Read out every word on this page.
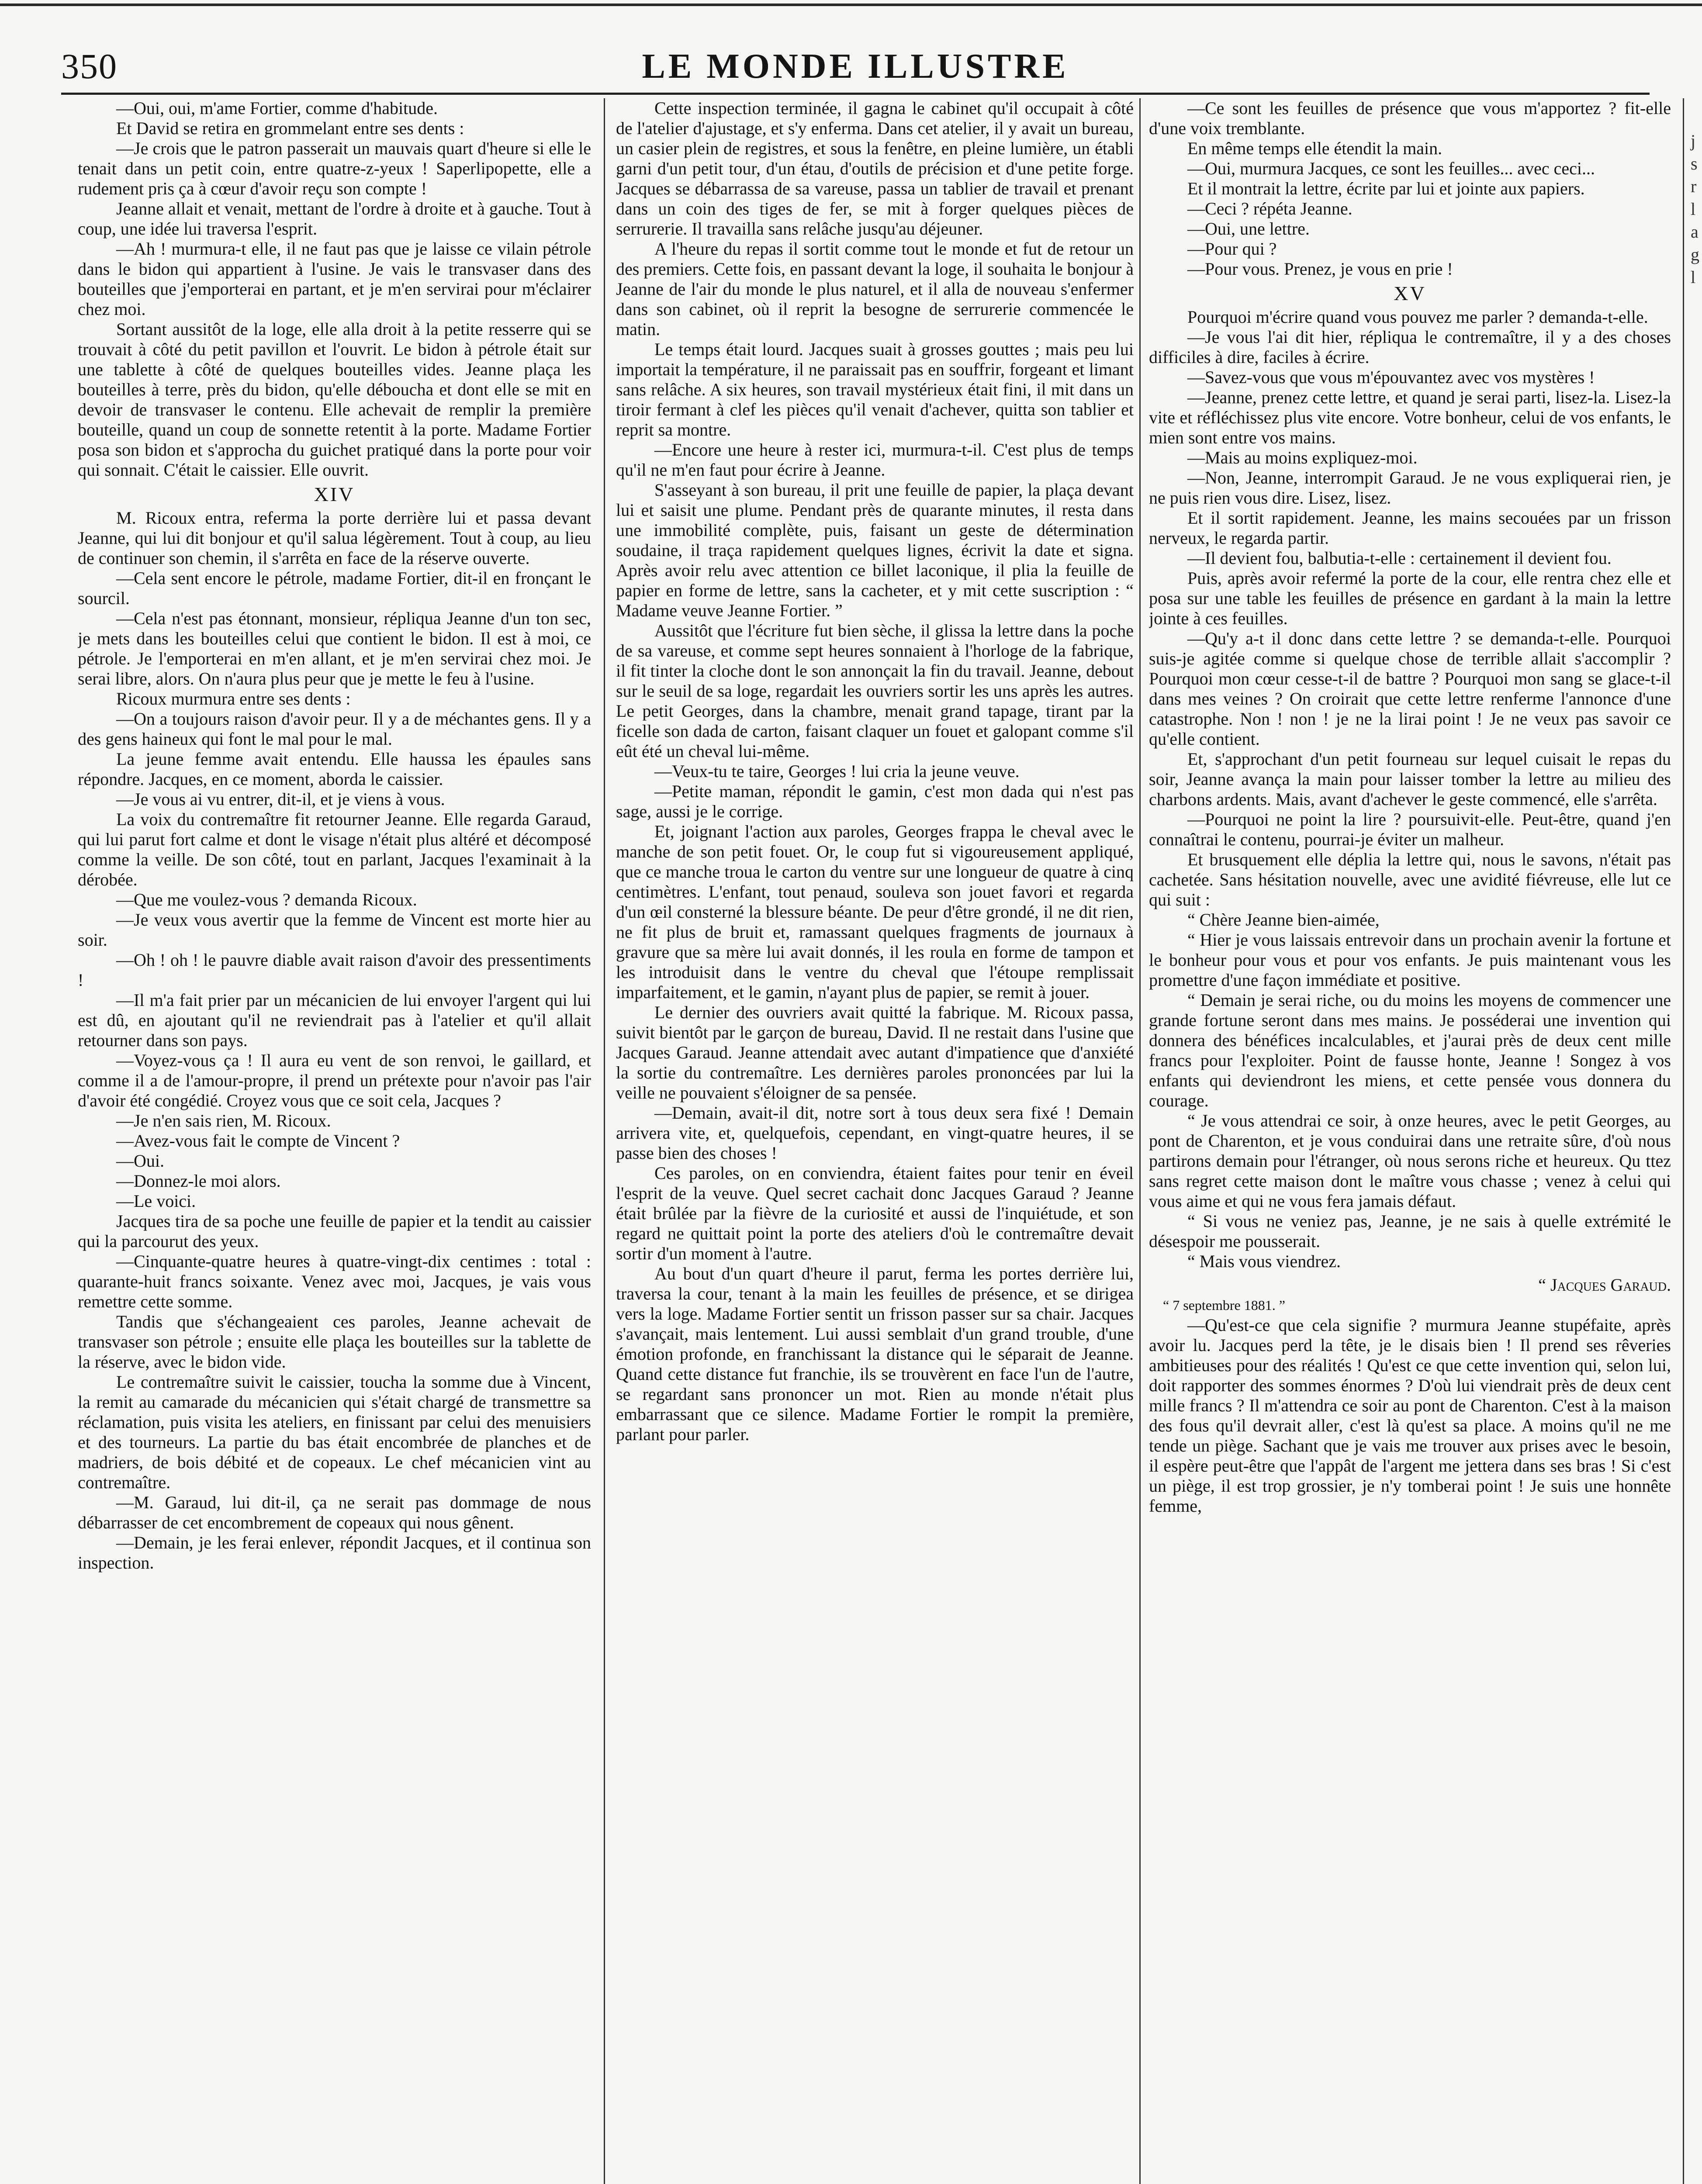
350	LE MONDE ILLUSTRE

—Oui, oui, m'ame Fortier, comme d'habitude.

Et David se retira en grommelant entre ses dents :

—Je crois que le patron passerait un mauvais quart d'heure si elle le tenait dans un petit coin, entre quatre-z-yeux ! Saperlipopette, elle a rudement pris ça à cœur d'avoir reçu son compte !

Jeanne allait et venait, mettant de l'ordre à droite et à gauche. Tout à coup, une idée lui traversa l'esprit.

—Ah ! murmura-t elle, il ne faut pas que je laisse ce vilain pétrole dans le bidon qui appartient à l'usine. Je vais le transvaser dans des bouteilles que j'emporterai en partant, et je m'en servirai pour m'éclairer chez moi.

Sortant aussitôt de la loge, elle alla droit à la petite resserre qui se trouvait à côté du petit pavillon et l'ouvrit. Le bidon à pétrole était sur une tablette à côté de quelques bouteilles vides. Jeanne plaça les bouteilles à terre, près du bidon, qu'elle déboucha et dont elle se mit en devoir de transvaser le contenu. Elle achevait de remplir la première bouteille, quand un coup de sonnette retentit à la porte. Madame Fortier posa son bidon et s'approcha du guichet pratiqué dans la porte pour voir qui sonnait. C'était le caissier. Elle ouvrit.

XIV

M. Ricoux entra, referma la porte derrière lui et passa devant Jeanne, qui lui dit bonjour et qu'il salua légèrement. Tout à coup, au lieu de continuer son chemin, il s'arrêta en face de la réserve ouverte.

—Cela sent encore le pétrole, madame Fortier, dit-il en fronçant le sourcil.

—Cela n'est pas étonnant, monsieur, répliqua Jeanne d'un ton sec, je mets dans les bouteilles celui que contient le bidon. Il est à moi, ce pétrole. Je l'emporterai en m'en allant, et je m'en servirai chez moi. Je serai libre, alors. On n'aura plus peur que je mette le feu à l'usine.

Ricoux murmura entre ses dents :

—On a toujours raison d'avoir peur. Il y a de méchantes gens. Il y a des gens haineux qui font le mal pour le mal.

La jeune femme avait entendu. Elle haussa les épaules sans répondre. Jacques, en ce moment, aborda le caissier.

—Je vous ai vu entrer, dit-il, et je viens à vous.

La voix du contremaître fit retourner Jeanne. Elle regarda Garaud, qui lui parut fort calme et dont le visage n'était plus altéré et décomposé comme la veille. De son côté, tout en parlant, Jacques l'examinait à la dérobée.

—Que me voulez-vous ? demanda Ricoux.

—Je veux vous avertir que la femme de Vincent est morte hier au soir.

—Oh ! oh ! le pauvre diable avait raison d'avoir des pressentiments !

—Il m'a fait prier par un mécanicien de lui envoyer l'argent qui lui est dû, en ajoutant qu'il ne reviendrait pas à l'atelier et qu'il allait retourner dans son pays.

—Voyez-vous ça ! Il aura eu vent de son renvoi, le gaillard, et comme il a de l'amour-propre, il prend un prétexte pour n'avoir pas l'air d'avoir été congédié. Croyez vous que ce soit cela, Jacques ?

—Je n'en sais rien, M. Ricoux.

—Avez-vous fait le compte de Vincent ?

—Oui.

—Donnez-le moi alors.

—Le voici.

Jacques tira de sa poche une feuille de papier et la tendit au caissier qui la parcourut des yeux.

—Cinquante-quatre heures à quatre-vingt-dix centimes : total : quarante-huit francs soixante. Venez avec moi, Jacques, je vais vous remettre cette somme.

Tandis que s'échangeaient ces paroles, Jeanne achevait de transvaser son pétrole ; ensuite elle plaça les bouteilles sur la tablette de la réserve, avec le bidon vide.

Le contremaître suivit le caissier, toucha la somme due à Vincent, la remit au camarade du mécanicien qui s'était chargé de transmettre sa réclamation, puis visita les ateliers, en finissant par celui des menuisiers et des tourneurs. La partie du bas était encombrée de planches et de madriers, de bois débité et de copeaux. Le chef mécanicien vint au contremaître.

—M. Garaud, lui dit-il, ça ne serait pas dommage de nous débarrasser de cet encombrement de copeaux qui nous gênent.

—Demain, je les ferai enlever, répondit Jacques, et il continua son inspection.

Cette inspection terminée, il gagna le cabinet qu'il occupait à côté de l'atelier d'ajustage, et s'y enferma. Dans cet atelier, il y avait un bureau, un casier plein de registres, et sous la fenêtre, en pleine lumière, un établi garni d'un petit tour, d'un étau, d'outils de précision et d'une petite forge. Jacques se débarrassa de sa vareuse, passa un tablier de travail et prenant dans un coin des tiges de fer, se mit à forger quelques pièces de serrurerie. Il travailla sans relâche jusqu'au déjeuner.

A l'heure du repas il sortit comme tout le monde et fut de retour un des premiers. Cette fois, en passant devant la loge, il souhaita le bonjour à Jeanne de l'air du monde le plus naturel, et il alla de nouveau s'enfermer dans son cabinet, où il reprit la besogne de serrurerie commencée le matin.

Le temps était lourd. Jacques suait à grosses gouttes ; mais peu lui importait la température, il ne paraissait pas en souffrir, forgeant et limant sans relâche. A six heures, son travail mystérieux était fini, il mit dans un tiroir fermant à clef les pièces qu'il venait d'achever, quitta son tablier et reprit sa montre.

—Encore une heure à rester ici, murmura-t-il. C'est plus de temps qu'il ne m'en faut pour écrire à Jeanne.

S'asseyant à son bureau, il prit une feuille de papier, la plaça devant lui et saisit une plume. Pendant près de quarante minutes, il resta dans une immobilité complète, puis, faisant un geste de détermination soudaine, il traça rapidement quelques lignes, écrivit la date et signa. Après avoir relu avec attention ce billet laconique, il plia la feuille de papier en forme de lettre, sans la cacheter, et y mit cette suscription : “ Madame veuve Jeanne Fortier. ”

Aussitôt que l'écriture fut bien sèche, il glissa la lettre dans la poche de sa vareuse, et comme sept heures sonnaient à l'horloge de la fabrique, il fit tinter la cloche dont le son annonçait la fin du travail. Jeanne, debout sur le seuil de sa loge, regardait les ouvriers sortir les uns après les autres. Le petit Georges, dans la chambre, menait grand tapage, tirant par la ficelle son dada de carton, faisant claquer un fouet et galopant comme s'il eût été un cheval lui-même.

—Veux-tu te taire, Georges ! lui cria la jeune veuve.

—Petite maman, répondit le gamin, c'est mon dada qui n'est pas sage, aussi je le corrige.

Et, joignant l'action aux paroles, Georges frappa le cheval avec le manche de son petit fouet. Or, le coup fut si vigoureusement appliqué, que ce manche troua le carton du ventre sur une longueur de quatre à cinq centimètres. L'enfant, tout penaud, souleva son jouet favori et regarda d'un œil consterné la blessure béante. De peur d'être grondé, il ne dit rien, ne fit plus de bruit et, ramassant quelques fragments de journaux à gravure que sa mère lui avait donnés, il les roula en forme de tampon et les introduisit dans le ventre du cheval que l'étoupe remplissait imparfaitement, et le gamin, n'ayant plus de papier, se remit à jouer.

Le dernier des ouvriers avait quitté la fabrique. M. Ricoux passa, suivit bientôt par le garçon de bureau, David. Il ne restait dans l'usine que Jacques Garaud. Jeanne attendait avec autant d'impatience que d'anxiété la sortie du contremaître. Les dernières paroles prononcées par lui la veille ne pouvaient s'éloigner de sa pensée.

—Demain, avait-il dit, notre sort à tous deux sera fixé ! Demain arrivera vite, et, quelquefois, cependant, en vingt-quatre heures, il se passe bien des choses !

Ces paroles, on en conviendra, étaient faites pour tenir en éveil l'esprit de la veuve. Quel secret cachait donc Jacques Garaud ? Jeanne était brûlée par la fièvre de la curiosité et aussi de l'inquiétude, et son regard ne quittait point la porte des ateliers d'où le contremaître devait sortir d'un moment à l'autre.

Au bout d'un quart d'heure il parut, ferma les portes derrière lui, traversa la cour, tenant à la main les feuilles de présence, et se dirigea vers la loge. Madame Fortier sentit un frisson passer sur sa chair. Jacques s'avançait, mais lentement. Lui aussi semblait d'un grand trouble, d'une émotion profonde, en franchissant la distance qui le séparait de Jeanne. Quand cette distance fut franchie, ils se trouvèrent en face l'un de l'autre, se regardant sans prononcer un mot. Rien au monde n'était plus embarrassant que ce silence. Madame Fortier le rompit la première, parlant pour parler.

—Ce sont les feuilles de présence que vous m'apportez ? fit-elle d'une voix tremblante.

En même temps elle étendit la main.

—Oui, murmura Jacques, ce sont les feuilles... avec ceci...

Et il montrait la lettre, écrite par lui et jointe aux papiers.

—Ceci ? répéta Jeanne.

—Oui, une lettre.

—Pour qui ?

—Pour vous. Prenez, je vous en prie !

XV

Pourquoi m'écrire quand vous pouvez me parler ? demanda-t-elle.

—Je vous l'ai dit hier, répliqua le contremaître, il y a des choses difficiles à dire, faciles à écrire.

—Savez-vous que vous m'épouvantez avec vos mystères !

—Jeanne, prenez cette lettre, et quand je serai parti, lisez-la. Lisez-la vite et réfléchissez plus vite encore. Votre bonheur, celui de vos enfants, le mien sont entre vos mains.

—Mais au moins expliquez-moi.

—Non, Jeanne, interrompit Garaud. Je ne vous expliquerai rien, je ne puis rien vous dire. Lisez, lisez.

Et il sortit rapidement. Jeanne, les mains secouées par un frisson nerveux, le regarda partir.

—Il devient fou, balbutia-t-elle : certainement il devient fou.

Puis, après avoir refermé la porte de la cour, elle rentra chez elle et posa sur une table les feuilles de présence en gardant à la main la lettre jointe à ces feuilles.

—Qu'y a-t il donc dans cette lettre ? se demanda-t-elle. Pourquoi suis-je agitée comme si quelque chose de terrible allait s'accomplir ? Pourquoi mon cœur cesse-t-il de battre ? Pourquoi mon sang se glace-t-il dans mes veines ? On croirait que cette lettre renferme l'annonce d'une catastrophe. Non ! non ! je ne la lirai point ! Je ne veux pas savoir ce qu'elle contient.

Et, s'approchant d'un petit fourneau sur lequel cuisait le repas du soir, Jeanne avança la main pour laisser tomber la lettre au milieu des charbons ardents. Mais, avant d'achever le geste commencé, elle s'arrêta.

—Pourquoi ne point la lire ? poursuivit-elle. Peut-être, quand j'en connaîtrai le contenu, pourrai-je éviter un malheur.

Et brusquement elle déplia la lettre qui, nous le savons, n'était pas cachetée. Sans hésitation nouvelle, avec une avidité fiévreuse, elle lut ce qui suit :

“ Chère Jeanne bien-aimée,

“ Hier je vous laissais entrevoir dans un prochain avenir la fortune et le bonheur pour vous et pour vos enfants. Je puis maintenant vous les promettre d'une façon immédiate et positive.

“ Demain je serai riche, ou du moins les moyens de commencer une grande fortune seront dans mes mains. Je posséderai une invention qui donnera des bénéfices incalculables, et j'aurai près de deux cent mille francs pour l'exploiter. Point de fausse honte, Jeanne ! Songez à vos enfants qui deviendront les miens, et cette pensée vous donnera du courage.

“ Je vous attendrai ce soir, à onze heures, avec le petit Georges, au pont de Charenton, et je vous conduirai dans une retraite sûre, d'où nous partirons demain pour l'étranger, où nous serons riche et heureux. Qu ttez sans regret cette maison dont le maître vous chasse ; venez à celui qui vous aime et qui ne vous fera jamais défaut.

“ Si vous ne veniez pas, Jeanne, je ne sais à quelle extrémité le désespoir me pousserait.

“ Mais vous viendrez.

“ Jacques Garaud.

“ 7 septembre 1881. ”

—Qu'est-ce que cela signifie ? murmura Jeanne stupéfaite, après avoir lu. Jacques perd la tête, je le disais bien ! Il prend ses rêveries ambitieuses pour des réalités ! Qu'est ce que cette invention qui, selon lui, doit rapporter des sommes énormes ? D'où lui viendrait près de deux cent mille francs ? Il m'attendra ce soir au pont de Charenton. C'est à la maison des fous qu'il devrait aller, c'est là qu'est sa place. A moins qu'il ne me tende un piège. Sachant que je vais me trouver aux prises avec le besoin, il espère peut-être que l'appât de l'argent me jettera dans ses bras ! Si c'est un piège, il est trop grossier, je n'y tomberai point ! Je suis une honnête femme,

j
s
r
l
a
g
l
